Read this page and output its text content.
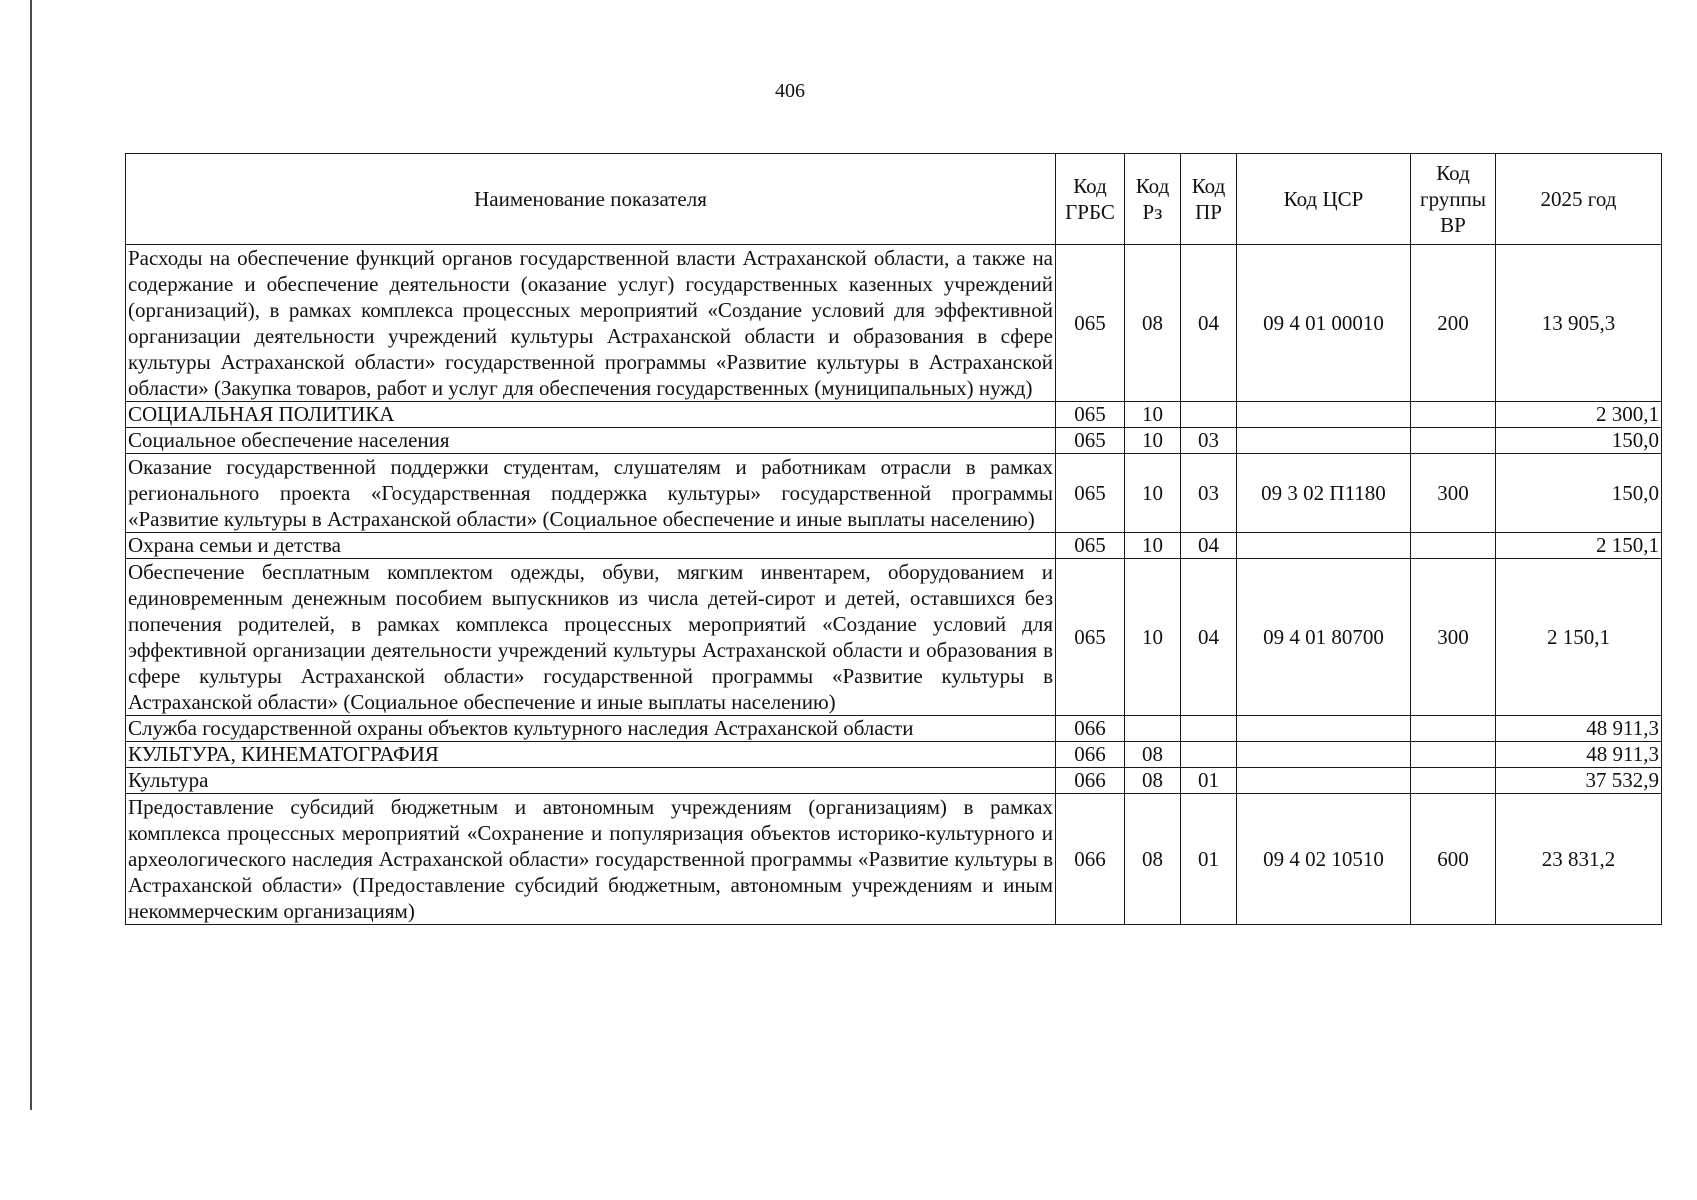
406
Наименование показателя	Код ГРБС	Код Рз	Код ПР	Код ЦСР	Код группы ВР	2025 год
Расходы на обеспечение функций органов государственной власти Астраханской области, а также на содержание и обеспечение деятельности (оказание услуг) государственных казенных учреждений (организаций), в рамках комплекса процессных мероприятий «Создание условий для эффективной организации деятельности учреждений культуры Астраханской области и образования в сфере культуры Астраханской области» государственной программы «Развитие культуры в Астраханской области» (Закупка товаров, работ и услуг для обеспечения государственных (муниципальных) нужд)	065	08	04	09 4 01 00010	200	13 905,3
СОЦИАЛЬНАЯ ПОЛИТИКА	065	10				2 300,1
Социальное обеспечение населения	065	10	03			150,0
Оказание государственной поддержки студентам, слушателям и работникам отрасли в рамках регионального проекта «Государственная поддержка культуры» государственной программы «Развитие культуры в Астраханской области» (Социальное обеспечение и иные выплаты населению)	065	10	03	09 3 02 П1180	300	150,0
Охрана семьи и детства	065	10	04			2 150,1
Обеспечение бесплатным комплектом одежды, обуви, мягким инвентарем, оборудованием и единовременным денежным пособием выпускников из числа детей-сирот и детей, оставшихся без попечения родителей, в рамках комплекса процессных мероприятий «Создание условий для эффективной организации деятельности учреждений культуры Астраханской области и образования в сфере культуры Астраханской области» государственной программы «Развитие культуры в Астраханской области» (Социальное обеспечение и иные выплаты населению)	065	10	04	09 4 01 80700	300	2 150,1
Служба государственной охраны объектов культурного наследия Астраханской области	066					48 911,3
КУЛЬТУРА, КИНЕМАТОГРАФИЯ	066	08				48 911,3
Культура	066	08	01			37 532,9
Предоставление субсидий бюджетным и автономным учреждениям (организациям) в рамках комплекса процессных мероприятий «Сохранение и популяризация объектов историко-культурного и археологического наследия Астраханской области» государственной программы «Развитие культуры в Астраханской области» (Предоставление субсидий бюджетным, автономным учреждениям и иным некоммерческим организациям)	066	08	01	09 4 02 10510	600	23 831,2
